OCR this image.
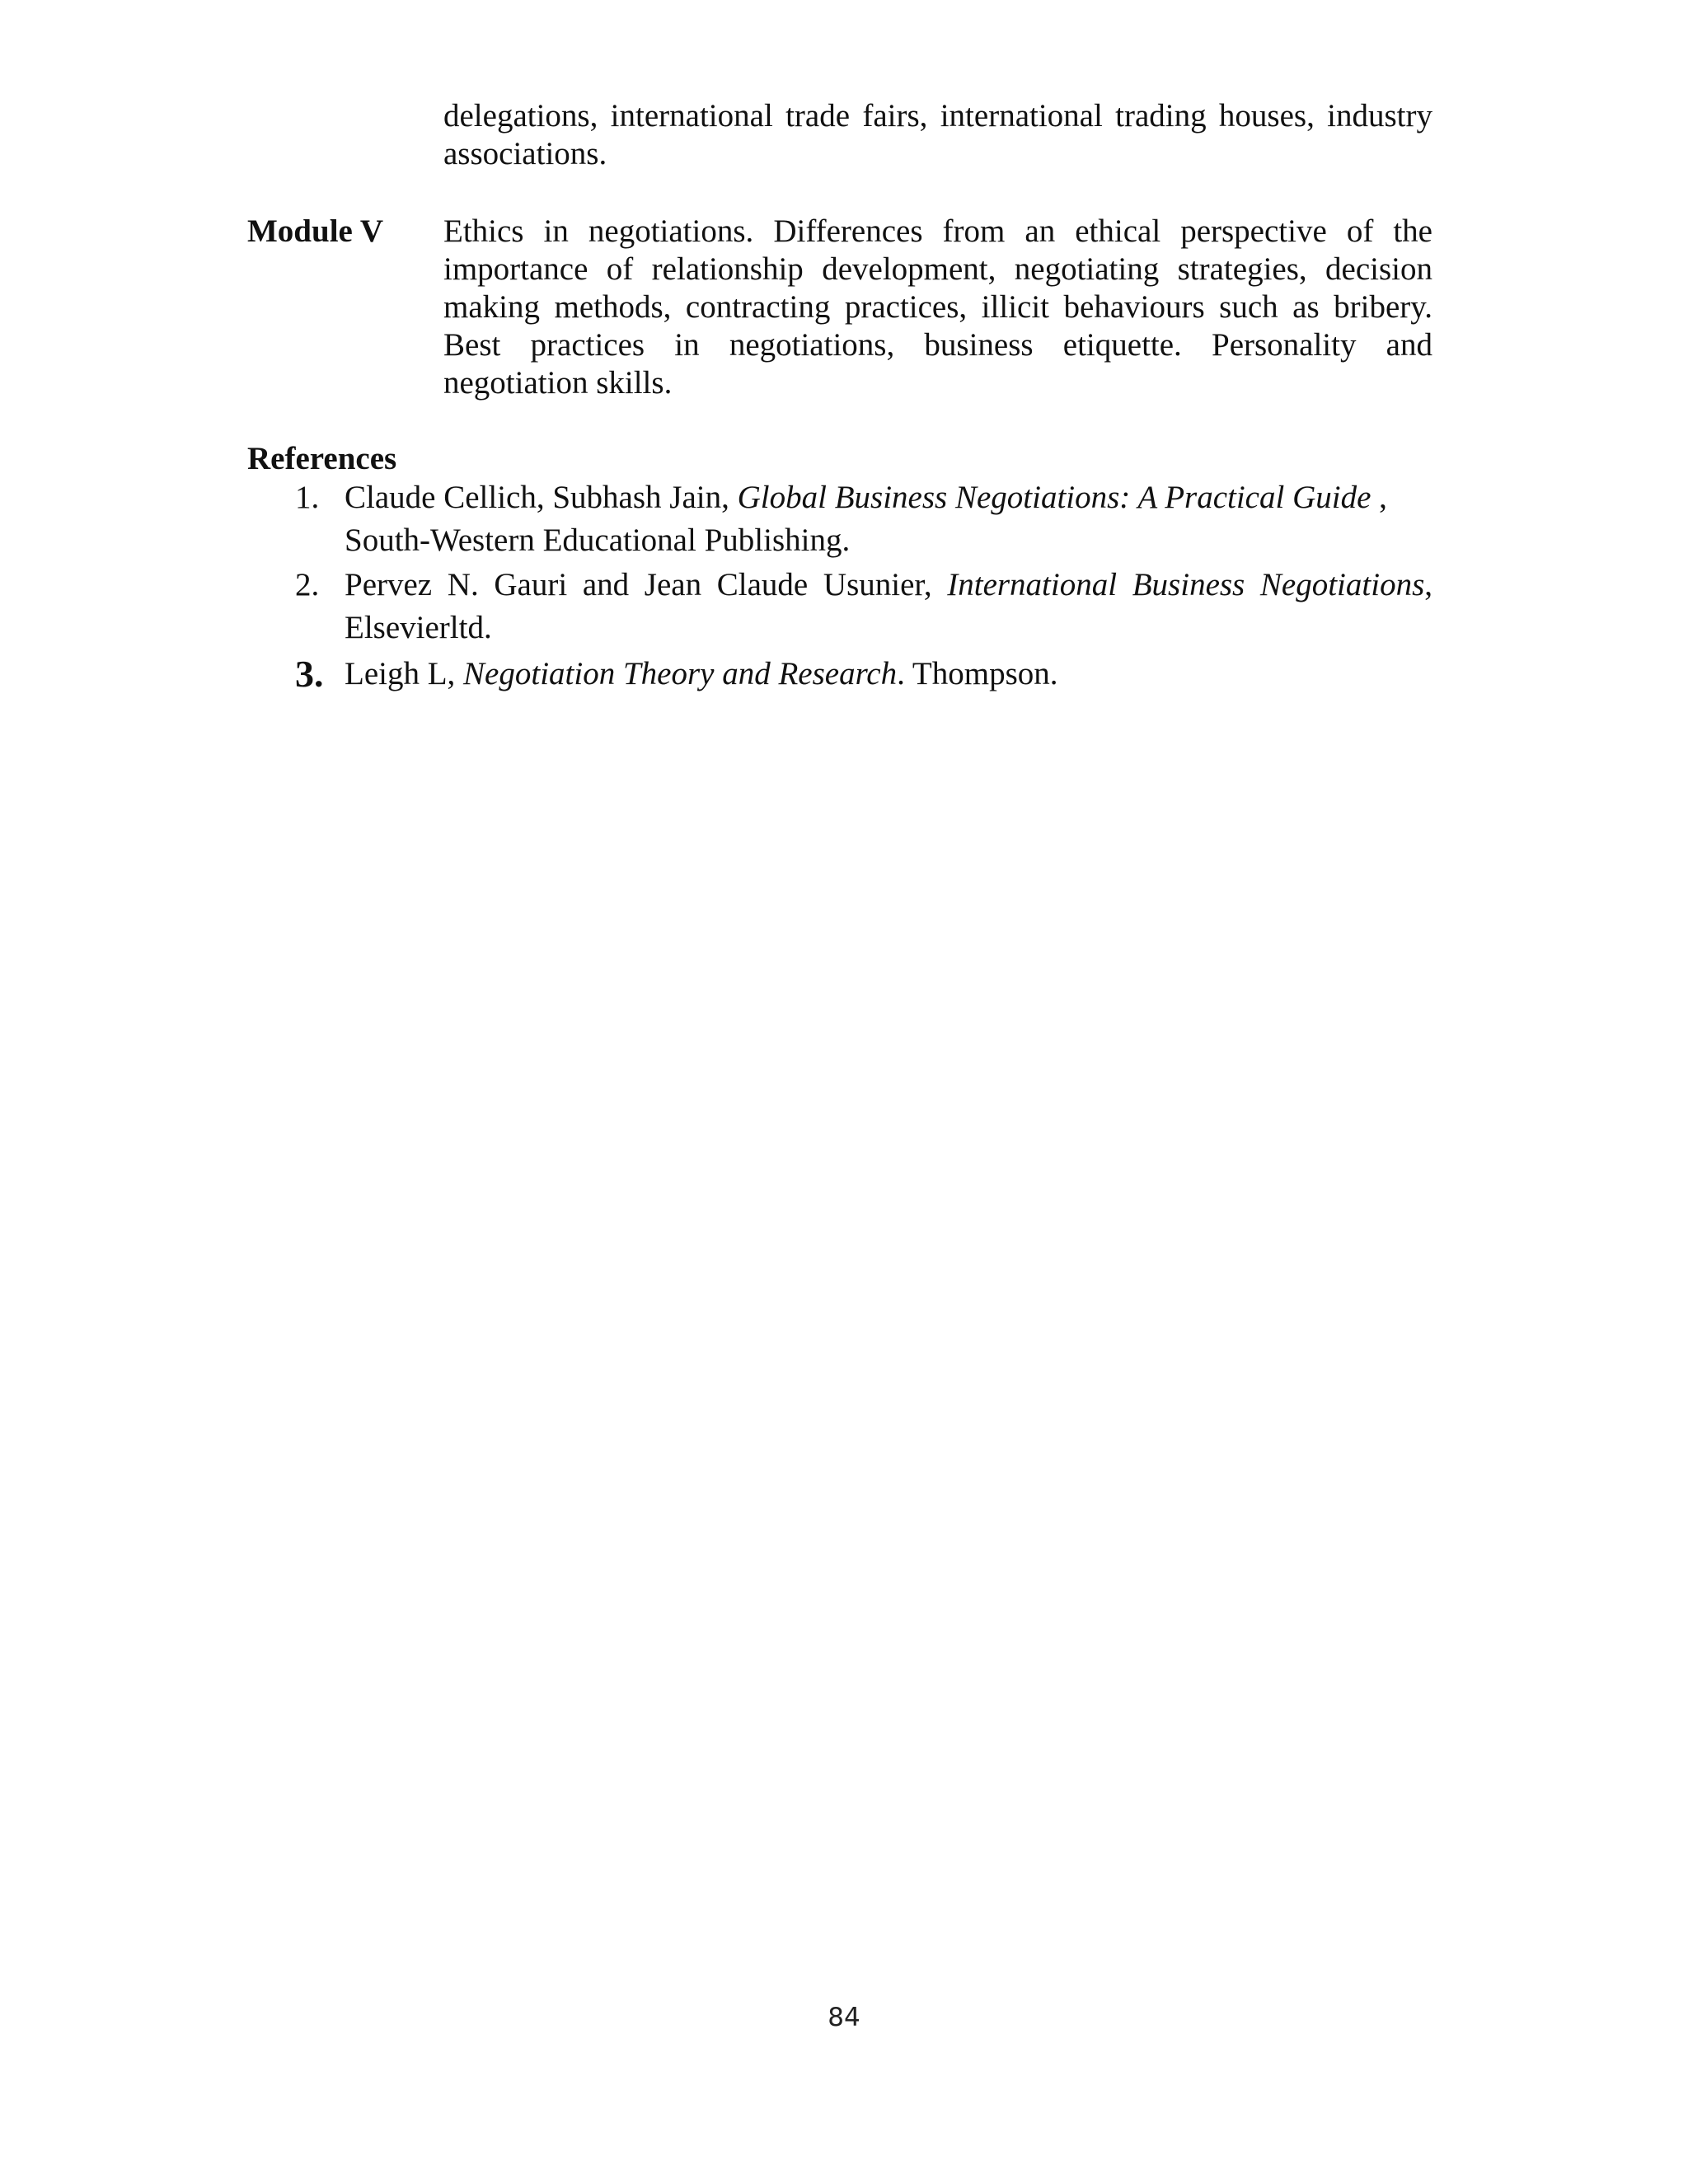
delegations, international trade fairs, international trading houses, industry
associations.
Module V Ethics in negotiations. Differences from an ethical perspective of the
importance of relationship development, negotiating strategies, decision
making methods, contracting practices, illicit behaviours such as bribery.
Best practices in negotiations, business etiquette. Personality and
negotiation skills.
References
1. Claude Cellich, Subhash Jain, Global Business Negotiations: A Practical Guide ,
South-Western Educational Publishing.
2. Pervez N. Gauri and Jean Claude Usunier, International Business Negotiations,
Elsevierltd.
3. Leigh L, Negotiation Theory and Research. Thompson.
84
